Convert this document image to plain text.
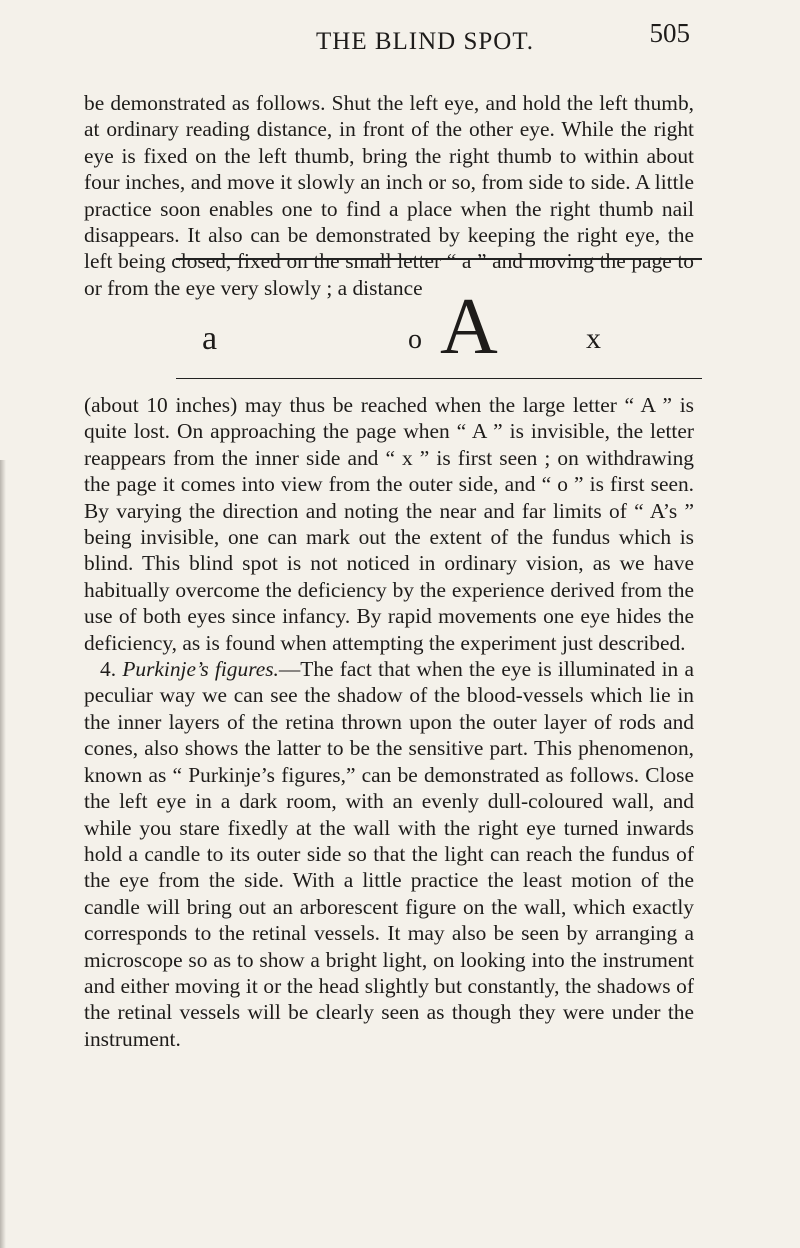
THE BLIND SPOT.	505

be demonstrated as follows. Shut the left eye, and hold the left thumb, at ordinary reading distance, in front of the other eye. While the right eye is fixed on the left thumb, bring the right thumb to within about four inches, and move it slowly an inch or so, from side to side. A little practice soon enables one to find a place when the right thumb nail disappears. It also can be demonstrated by keeping the right eye, the left being closed, fixed on the small letter “ a ” and moving the page to or from the eye very slowly ; a distance

a	o A	x

(about 10 inches) may thus be reached when the large letter “ A ” is quite lost. On approaching the page when “ A ” is invisible, the letter reappears from the inner side and “ x ” is first seen ; on withdrawing the page it comes into view from the outer side, and “ o ” is first seen. By varying the direction and noting the near and far limits of “ A’s ” being invisible, one can mark out the extent of the fundus which is blind. This blind spot is not noticed in ordinary vision, as we have habitually overcome the deficiency by the experience derived from the use of both eyes since infancy. By rapid movements one eye hides the deficiency, as is found when attempting the experiment just described.

4. Purkinje’s figures.—The fact that when the eye is illuminated in a peculiar way we can see the shadow of the blood-vessels which lie in the inner layers of the retina thrown upon the outer layer of rods and cones, also shows the latter to be the sensitive part. This phenomenon, known as “ Purkinje’s figures,” can be demonstrated as follows. Close the left eye in a dark room, with an evenly dull-coloured wall, and while you stare fixedly at the wall with the right eye turned inwards hold a candle to its outer side so that the light can reach the fundus of the eye from the side. With a little practice the least motion of the candle will bring out an arborescent figure on the wall, which exactly corresponds to the retinal vessels. It may also be seen by arranging a microscope so as to show a bright light, on looking into the instrument and either moving it or the head slightly but constantly, the shadows of the retinal vessels will be clearly seen as though they were under the instrument.
